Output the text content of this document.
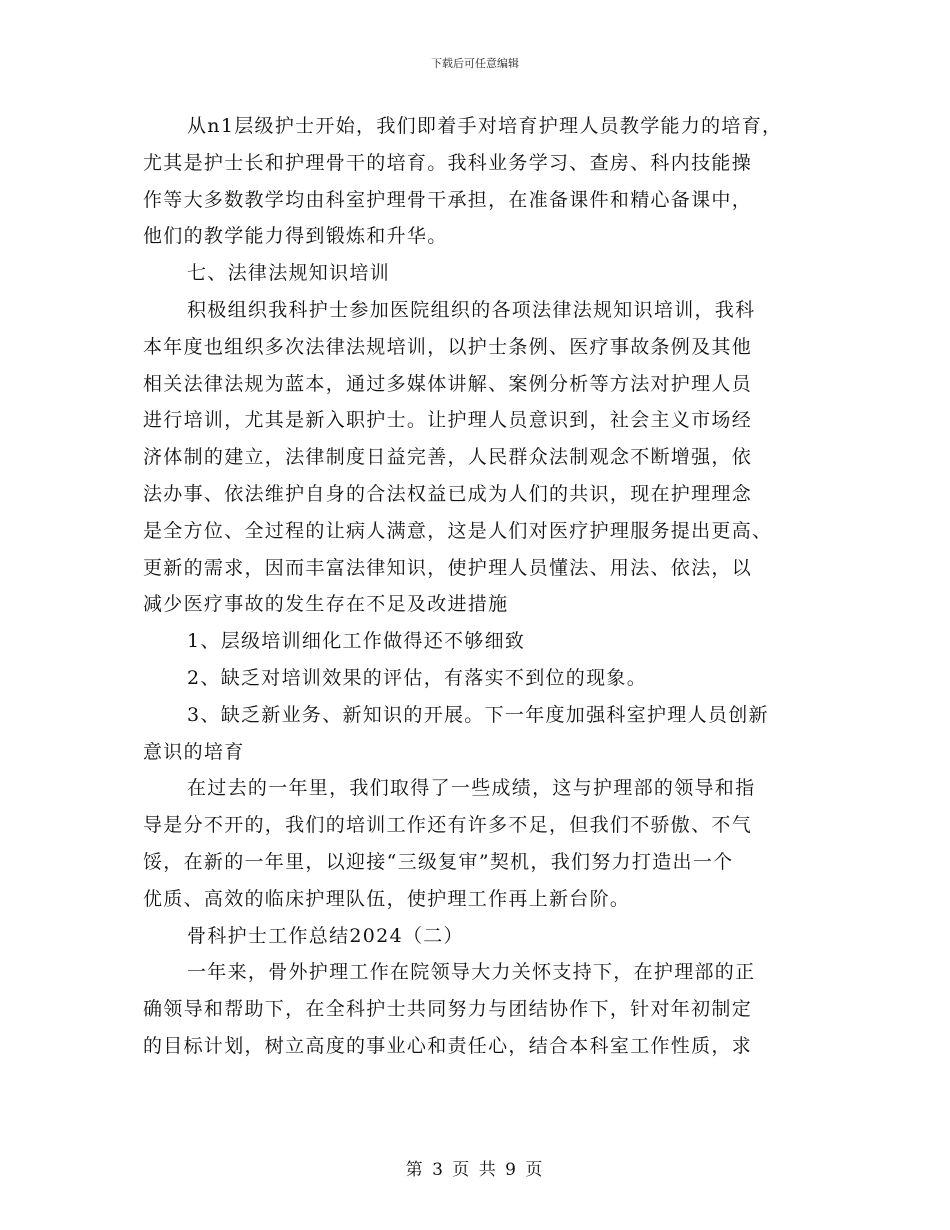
下载后可任意编辑
从n1层级护士开始，我们即着手对培育护理人员教学能力的培育，
尤其是护士长和护理骨干的培育。我科业务学习、查房、科内技能操
作等大多数教学均由科室护理骨干承担，在准备课件和精心备课中，
他们的教学能力得到锻炼和升华。
七、法律法规知识培训
积极组织我科护士参加医院组织的各项法律法规知识培训，我科
本年度也组织多次法律法规培训，以护士条例、医疗事故条例及其他
相关法律法规为蓝本，通过多媒体讲解、案例分析等方法对护理人员
进行培训，尤其是新入职护士。让护理人员意识到，社会主义市场经
济体制的建立，法律制度日益完善，人民群众法制观念不断增强，依
法办事、依法维护自身的合法权益已成为人们的共识，现在护理理念
是全方位、全过程的让病人满意，这是人们对医疗护理服务提出更高、
更新的需求，因而丰富法律知识，使护理人员懂法、用法、依法，以
减少医疗事故的发生存在不足及改进措施
1、层级培训细化工作做得还不够细致
2、缺乏对培训效果的评估，有落实不到位的现象。
3、缺乏新业务、新知识的开展。下一年度加强科室护理人员创新
意识的培育
在过去的一年里，我们取得了一些成绩，这与护理部的领导和指
导是分不开的，我们的培训工作还有许多不足，但我们不骄傲、不气
馁，在新的一年里，以迎接“三级复审”契机，我们努力打造出一个
优质、高效的临床护理队伍，使护理工作再上新台阶。
骨科护士工作总结2024（二）
一年来，骨外护理工作在院领导大力关怀支持下，在护理部的正
确领导和帮助下，在全科护士共同努力与团结协作下，针对年初制定
的目标计划，树立高度的事业心和责任心，结合本科室工作性质，求
第 3 页 共 9 页
